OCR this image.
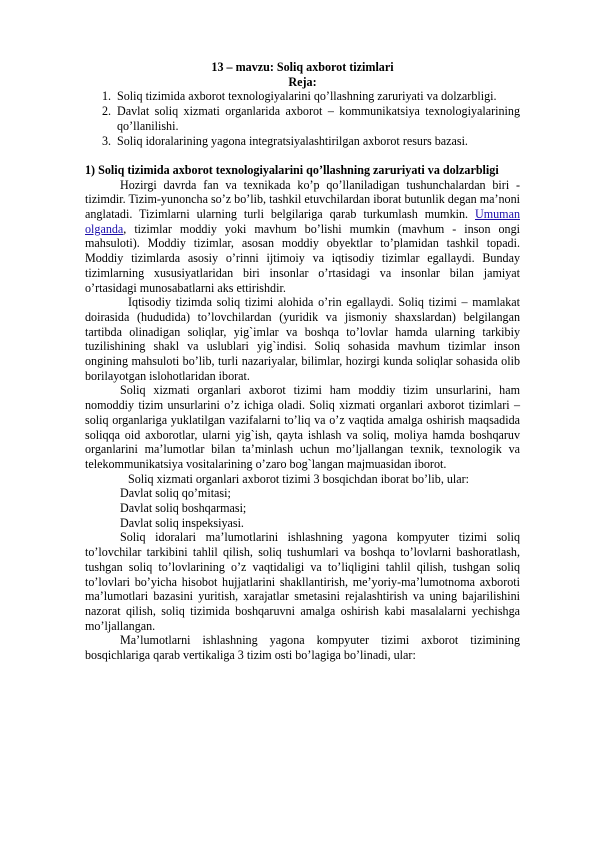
13 – mavzu: Soliq axborot tizimlari
Reja:
1. Soliq tizimida axborot texnologiyalarini qo’llashning zaruriyati va dolzarbligi.
2. Davlat soliq xizmati organlarida axborot – kommunikatsiya texnologiyalarining qo’llanilishi.
3. Soliq idoralarining yagona integratsiyalashtirilgan axborot resurs bazasi.
1) Soliq tizimida axborot texnologiyalarini qo’llashning zaruriyati va dolzarbligi

Hozirgi davrda fan va texnikada ko’p qo’llaniladigan tushunchalardan biri - tizimdir. Tizim-yunoncha so’z bo’lib, tashkil etuvchilardan iborat butunlik degan ma’noni anglatadi. Tizimlarni ularning turli belgilariga qarab turkumlash mumkin. Umuman olganda, tizimlar moddiy yoki mavhum bo’lishi mumkin (mavhum - inson ongi mahsuloti). Moddiy tizimlar, asosan moddiy obyektlar to’plamidan tashkil topadi. Moddiy tizimlarda asosiy o’rinni ijtimoiy va iqtisodiy tizimlar egallaydi. Bunday tizimlarning xususiyatlaridan biri insonlar o’rtasidagi va insonlar bilan jamiyat o’rtasidagi munosabatlarni aks ettirishdir.

Iqtisodiy tizimda soliq tizimi alohida o’rin egallaydi. Soliq tizimi – mamlakat doirasida (hududida) to’lovchilardan (yuridik va jismoniy shaxslardan) belgilangan tartibda olinadigan soliqlar, yig`imlar va boshqa to’lovlar hamda ularning tarkibiy tuzilishining shakl va uslublari yig`indisi. Soliq sohasida mavhum tizimlar inson ongining mahsuloti bo’lib, turli nazariyalar, bilimlar, hozirgi kunda soliqlar sohasida olib borilayotgan islohotlaridan iborat.

Soliq xizmati organlari axborot tizimi ham moddiy tizim unsurlarini, ham nomoddiy tizim unsurlarini o’z ichiga oladi. Soliq xizmati organlari axborot tizimlari – soliq organlariga yuklatilgan vazifalarni to’liq va o’z vaqtida amalga oshirish maqsadida soliqqa oid axborotlar, ularni yig`ish, qayta ishlash va soliq, moliya hamda boshqaruv organlarini ma’lumotlar bilan ta’minlash uchun mo’ljallangan texnik, texnologik va telekommunikatsiya vositalarining o’zaro bog`langan majmuasidan iborot.

Soliq xizmati organlari axborot tizimi 3 bosqichdan iborat bo’lib, ular:

Davlat soliq qo’mitasi;
Davlat soliq boshqarmasi;
Davlat soliq inspeksiyasi.

Soliq idoralari ma’lumotlarini ishlashning yagona kompyuter tizimi soliq to’lovchilar tarkibini tahlil qilish, soliq tushumlari va boshqa to’lovlarni bashoratlash, tushgan soliq to’lovlarining o’z vaqtidaligi va to’liqligini tahlil qilish, tushgan soliq to’lovlari bo’yicha hisobot hujjatlarini shakllantirish, me’yoriy-ma’lumotnoma axboroti ma’lumotlari bazasini yuritish, xarajatlar smetasini rejalashtirish va uning bajarilishini nazorat qilish, soliq tizimida boshqaruvni amalga oshirish kabi masalalarni yechishga mo’ljallangan.

Ma’lumotlarni ishlashning yagona kompyuter tizimi axborot tizimining bosqichlariga qarab vertikaliga 3 tizim osti bo’lagiga bo’linadi, ular:
